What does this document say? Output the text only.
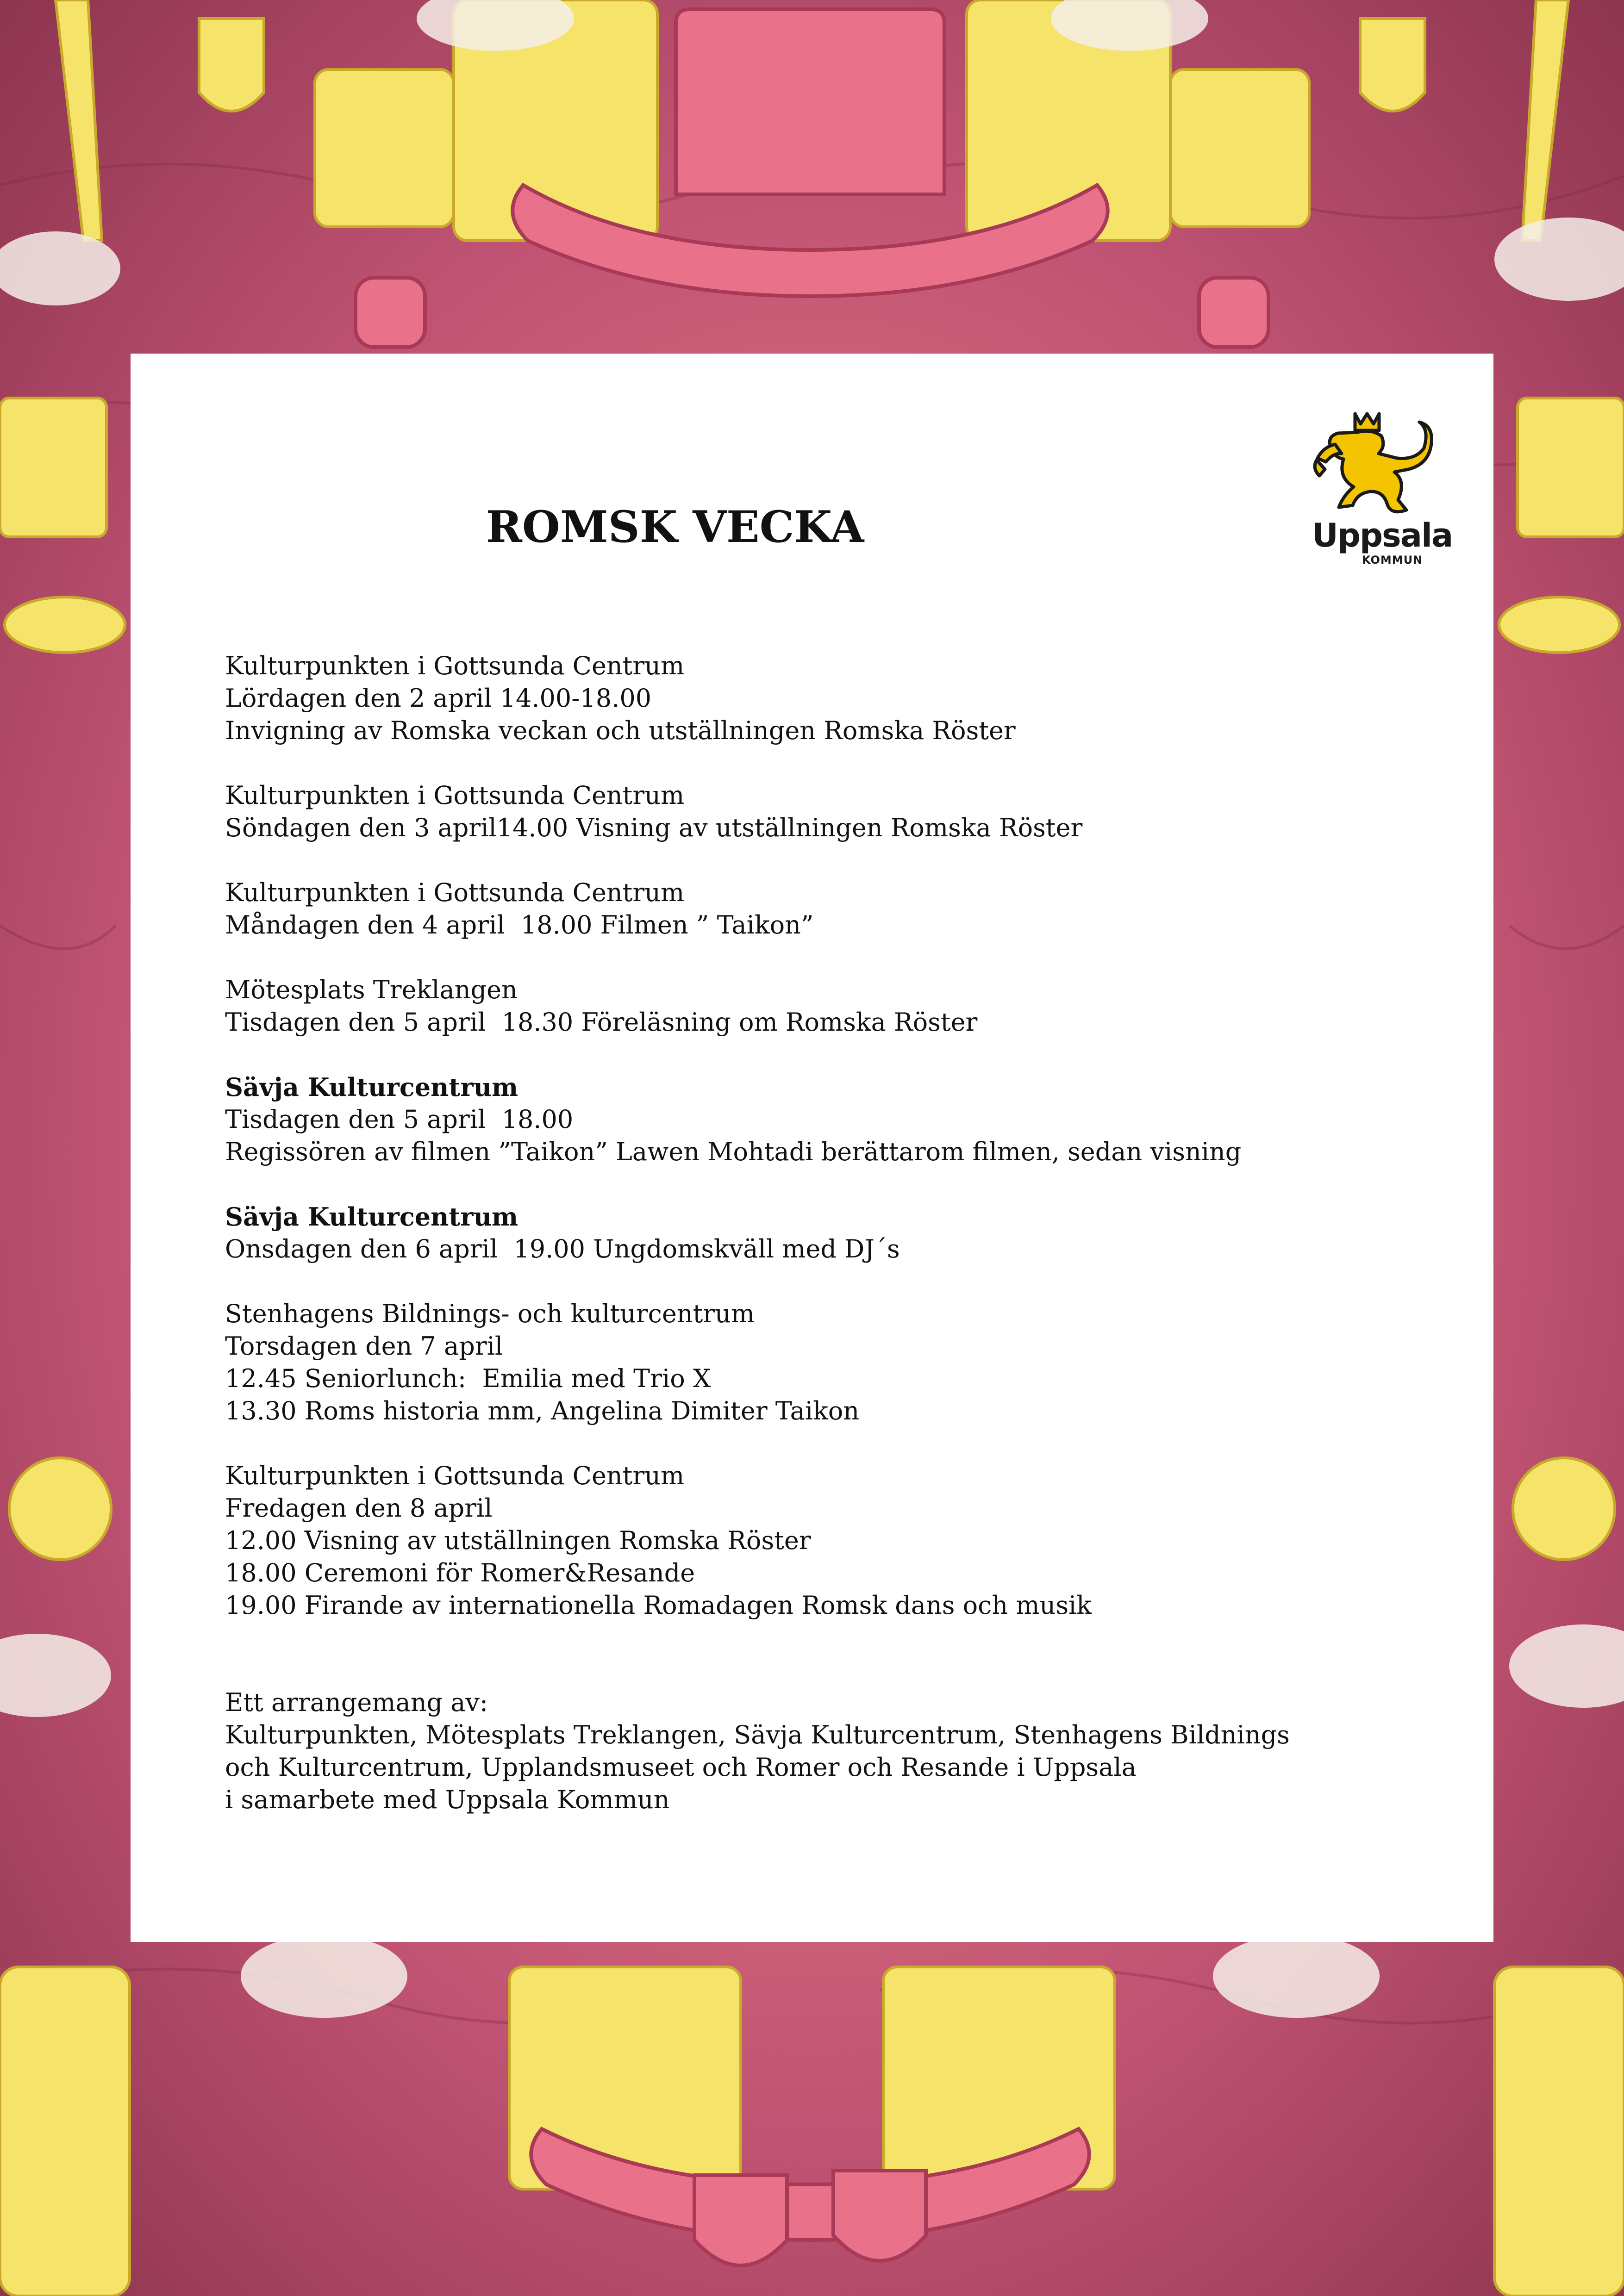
Uppsala
KOMMUN
ROMSK VECKA
Kulturpunkten i Gottsunda Centrum
Lördagen den 2 april 14.00-18.00
Invigning av Romska veckan och utställningen Romska Röster
Kulturpunkten i Gottsunda Centrum
Söndagen den 3 april14.00 Visning av utställningen Romska Röster
Kulturpunkten i Gottsunda Centrum
Måndagen den 4 april  18.00 Filmen ” Taikon”
Mötesplats Treklangen
Tisdagen den 5 april  18.30 Föreläsning om Romska Röster
Sävja Kulturcentrum
Tisdagen den 5 april  18.00
Regissören av filmen ”Taikon” Lawen Mohtadi berättarom filmen, sedan visning
Sävja Kulturcentrum
Onsdagen den 6 april  19.00 Ungdomskväll med DJ´s
Stenhagens Bildnings- och kulturcentrum
Torsdagen den 7 april
12.45 Seniorlunch:  Emilia med Trio X
13.30 Roms historia mm, Angelina Dimiter Taikon
Kulturpunkten i Gottsunda Centrum
Fredagen den 8 april
12.00 Visning av utställningen Romska Röster
18.00 Ceremoni för Romer&Resande
19.00 Firande av internationella Romadagen Romsk dans och musik
Ett arrangemang av:
Kulturpunkten, Mötesplats Treklangen, Sävja Kulturcentrum, Stenhagens Bildnings
och Kulturcentrum, Upplandsmuseet och Romer och Resande i Uppsala
i samarbete med Uppsala Kommun
